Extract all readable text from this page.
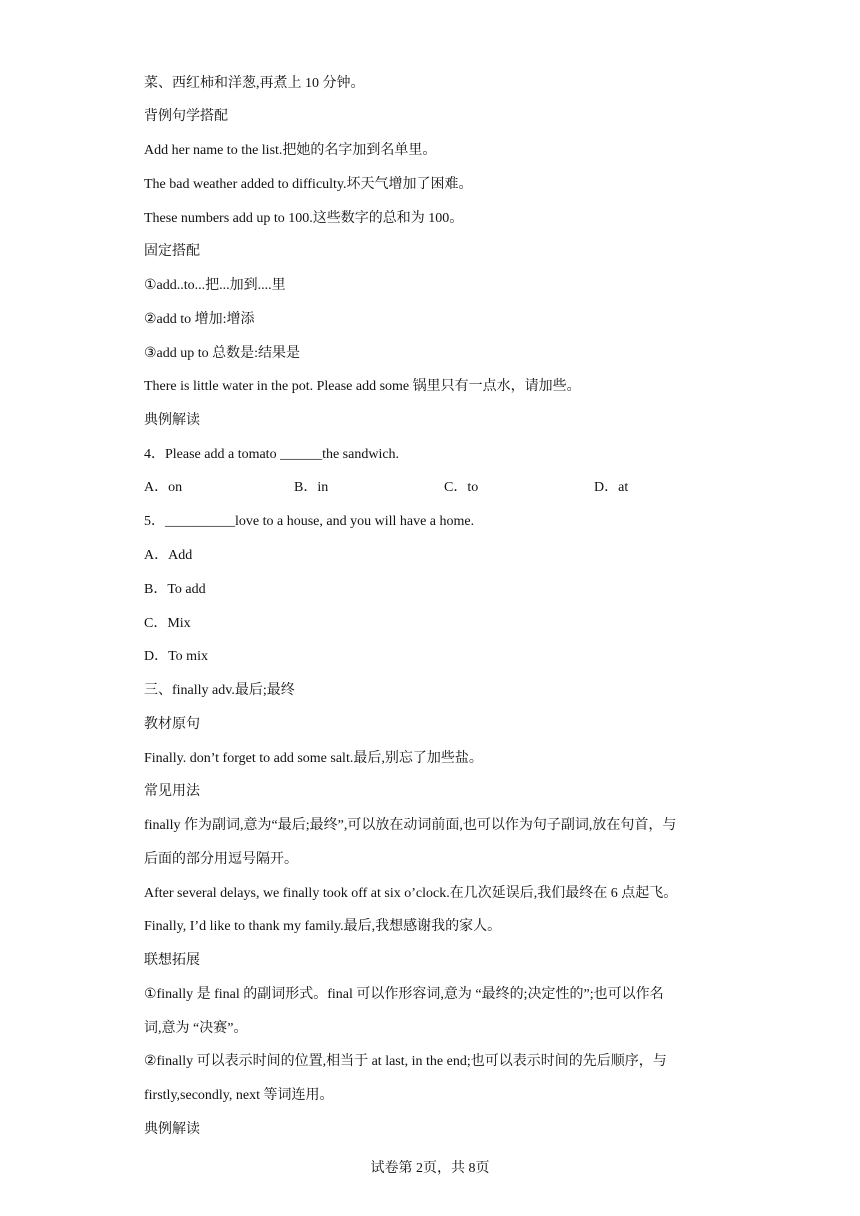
菜、西红柿和洋葱,再煮上 10 分钟。
背例句学搭配
Add her name to the list.把她的名字加到名单里。
The bad weather added to difficulty.坏天气增加了困难。
These numbers add up to 100.这些数字的总和为 100。
固定搭配
①add..to...把...加到....里
②add to 增加:增添
③add up to 总数是:结果是
There is little water in the pot. Please add some 锅里只有一点水，请加些。
典例解读
4．Please add a tomato ______the sandwich.
A．on	B．in	C．to	D．at
5．__________love to a house, and you will have a home.
A．Add
B．To add
C．Mix
D．To mix
三、finally adv.最后;最终
教材原句
Finally. don’t forget to add some salt.最后,别忘了加些盐。
常见用法
finally 作为副词,意为“最后;最终”,可以放在动词前面,也可以作为句子副词,放在句首，与
后面的部分用逗号隔开。
After several delays, we finally took off at six o’clock.在几次延误后,我们最终在 6 点起飞。
Finally, I’d like to thank my family.最后,我想感谢我的家人。
联想拓展
①finally 是 final 的副词形式。final 可以作形容词,意为 “最终的;决定性的”;也可以作名
词,意为 “决赛”。
②finally 可以表示时间的位置,相当于 at last, in the end;也可以表示时间的先后顺序，与
firstly,secondly, next 等词连用。
典例解读
试卷第 2页，共 8页
